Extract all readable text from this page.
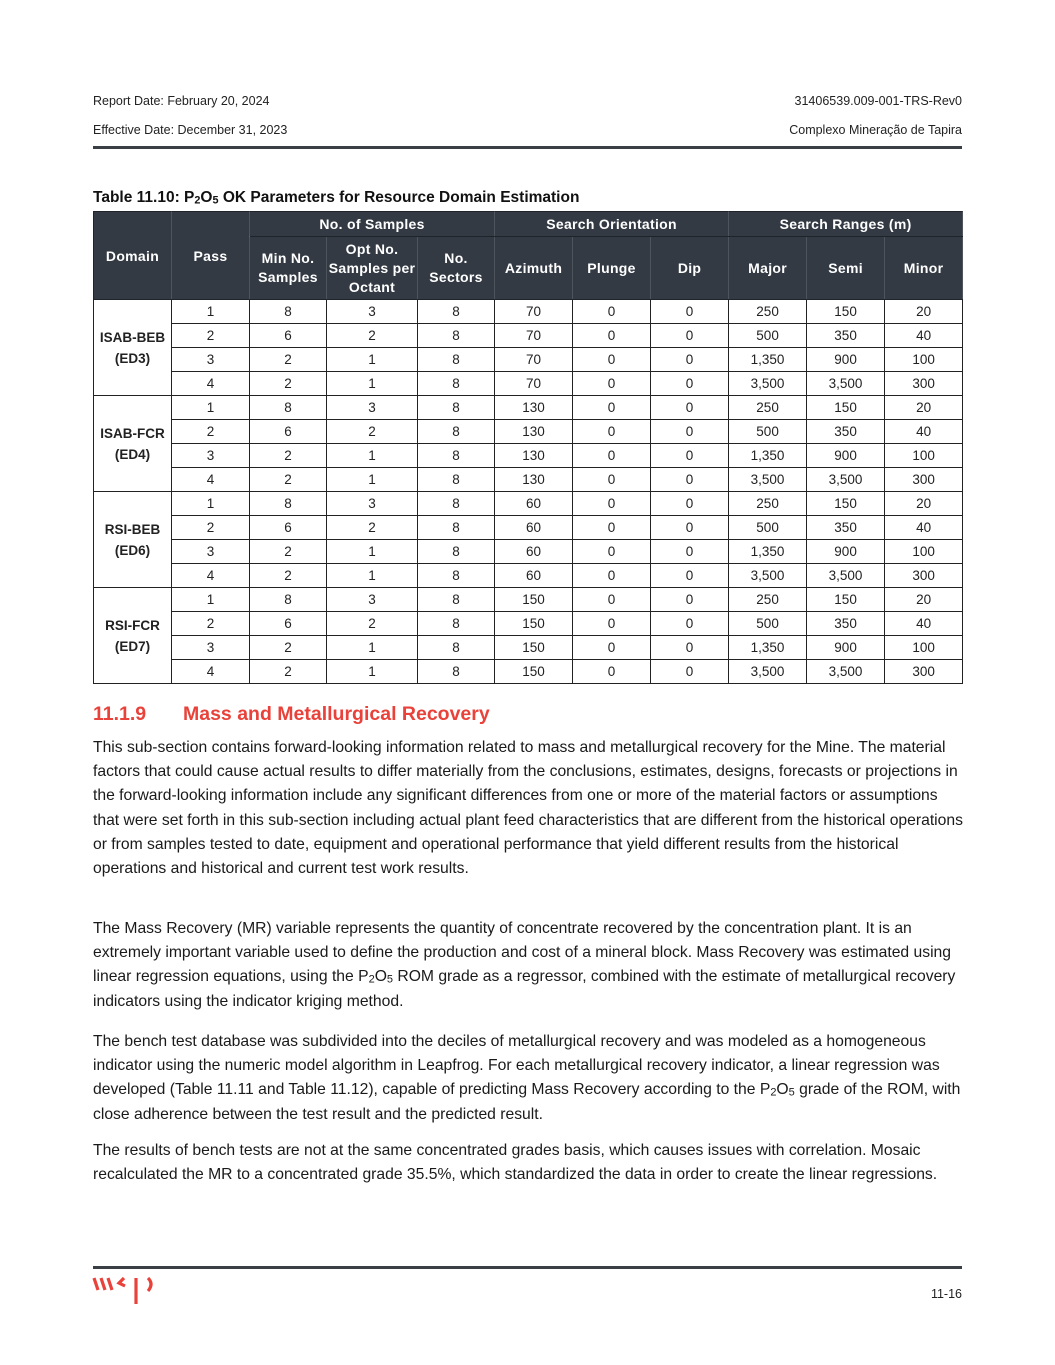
Report Date: February 20, 2024	31406539.009-001-TRS-Rev0
Effective Date: December 31, 2023	Complexo Mineração de Tapira
Table 11.10: $P_2O_5$ OK Parameters for Resource Domain Estimation
Domain	Pass	No. of Samples			Search Orientation			Search Ranges (m)		
		Min No. Samples	Opt No. Samples per Octant	No. Sectors	Azimuth	Plunge	Dip	Major	Semi	Minor

ISAB-BEB
(ED3)	1	8	3	8	70	0	0	250	150	20
	2	6	2	8	70	0	0	500	350	40
	3	2	1	8	70	0	0	1,350	900	100
	4	2	1	8	70	0	0	3,500	3,500	300

ISAB-FCR
(ED4)	1	8	3	8	130	0	0	250	150	20
	2	6	2	8	130	0	0	500	350	40
	3	2	1	8	130	0	0	1,350	900	100
	4	2	1	8	130	0	0	3,500	3,500	300

RSI-BEB
(ED6)	1	8	3	8	60	0	0	250	150	20
	2	6	2	8	60	0	0	500	350	40
	3	2	1	8	60	0	0	1,350	900	100
	4	2	1	8	60	0	0	3,500	3,500	300

RSI-FCR
(ED7)	1	8	3	8	150	0	0	250	150	20
	2	6	2	8	150	0	0	500	350	40
	3	2	1	8	150	0	0	1,350	900	100
	4	2	1	8	150	0	0	3,500	3,500	300
11.1.9 Mass and Metallurgical Recovery
This sub-section contains forward-looking information related to mass and metallurgical recovery for the Mine. The material factors that could cause actual results to differ materially from the conclusions, estimates, designs, forecasts or projections in the forward-looking information include any significant differences from one or more of the material factors or assumptions that were set forth in this sub-section including actual plant feed characteristics that are different from the historical operations or from samples tested to date, equipment and operational performance that yield different results from the historical operations and historical and current test work results.
The Mass Recovery (MR) variable represents the quantity of concentrate recovered by the concentration plant. It is an extremely important variable used to define the production and cost of a mineral block. Mass Recovery was estimated using linear regression equations, using the $P_2O_5$ ROM grade as a regressor, combined with the estimate of metallurgical recovery indicators using the indicator kriging method.
The bench test database was subdivided into the deciles of metallurgical recovery and was modeled as a homogeneous indicator using the numeric model algorithm in Leapfrog. For each metallurgical recovery indicator, a linear regression was developed (Table 11.11 and Table 11.12), capable of predicting Mass Recovery according to the $P_2O_5$ grade of the ROM, with close adherence between the test result and the predicted result.
The results of bench tests are not at the same concentrated grades basis, which causes issues with correlation. Mosaic recalculated the MR to a concentrated grade 35.5%, which standardized the data in order to create the linear regressions.
11-16
